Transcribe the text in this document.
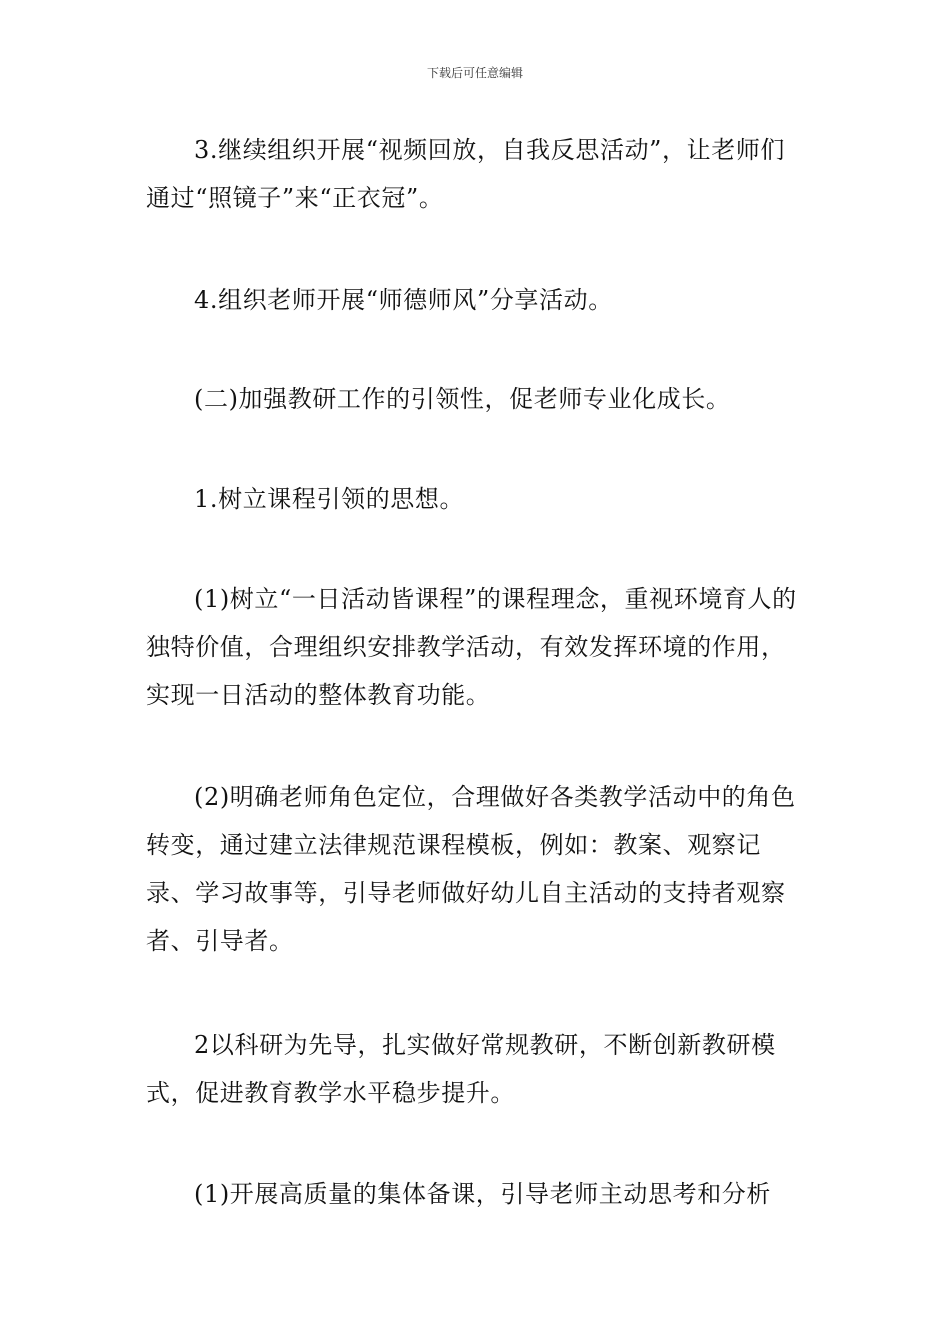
下载后可任意编辑

3.继续组织开展“视频回放，自我反思活动”，让老师们通过“照镜子”来“正衣冠”。

4.组织老师开展“师德师风”分享活动。

(二)加强教研工作的引领性，促老师专业化成长。

1.树立课程引领的思想。

(1)树立“一日活动皆课程”的课程理念，重视环境育人的独特价值，合理组织安排教学活动，有效发挥环境的作用，实现一日活动的整体教育功能。

(2)明确老师角色定位，合理做好各类教学活动中的角色转变，通过建立法律规范课程模板，例如：教案、观察记录、学习故事等，引导老师做好幼儿自主活动的支持者观察者、引导者。

2以科研为先导，扎实做好常规教研，不断创新教研模式，促进教育教学水平稳步提升。

(1)开展高质量的集体备课，引导老师主动思考和分析
